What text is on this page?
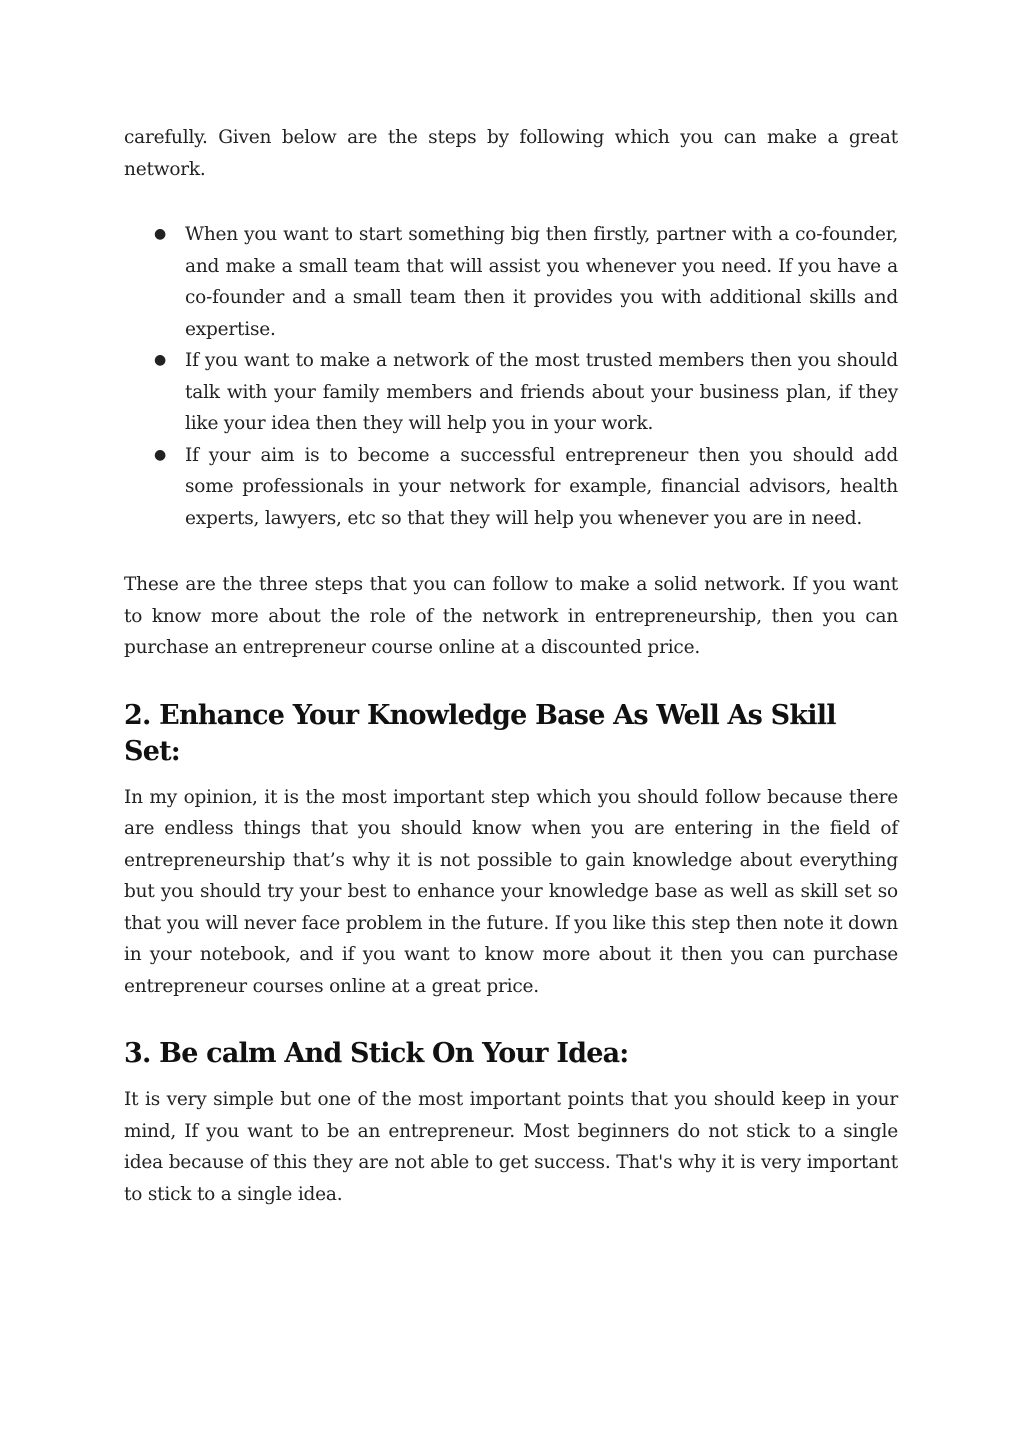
carefully. Given below are the steps by following which you can make a great network.

● When you want to start something big then firstly, partner with a co-founder, and make a small team that will assist you whenever you need. If you have a co-founder and a small team then it provides you with additional skills and expertise.
● If you want to make a network of the most trusted members then you should talk with your family members and friends about your business plan, if they like your idea then they will help you in your work.
● If your aim is to become a successful entrepreneur then you should add some professionals in your network for example, financial advisors, health experts, lawyers, etc so that they will help you whenever you are in need.

These are the three steps that you can follow to make a solid network. If you want to know more about the role of the network in entrepreneurship, then you can purchase an entrepreneur course online at a discounted price.

2. Enhance Your Knowledge Base As Well As Skill Set:

In my opinion, it is the most important step which you should follow because there are endless things that you should know when you are entering in the field of entrepreneurship that’s why it is not possible to gain knowledge about everything but you should try your best to enhance your knowledge base as well as skill set so that you will never face problem in the future. If you like this step then note it down in your notebook, and if you want to know more about it then you can purchase entrepreneur courses online at a great price.

3. Be calm And Stick On Your Idea:

It is very simple but one of the most important points that you should keep in your mind, If you want to be an entrepreneur. Most beginners do not stick to a single idea because of this they are not able to get success. That's why it is very important to stick to a single idea.
